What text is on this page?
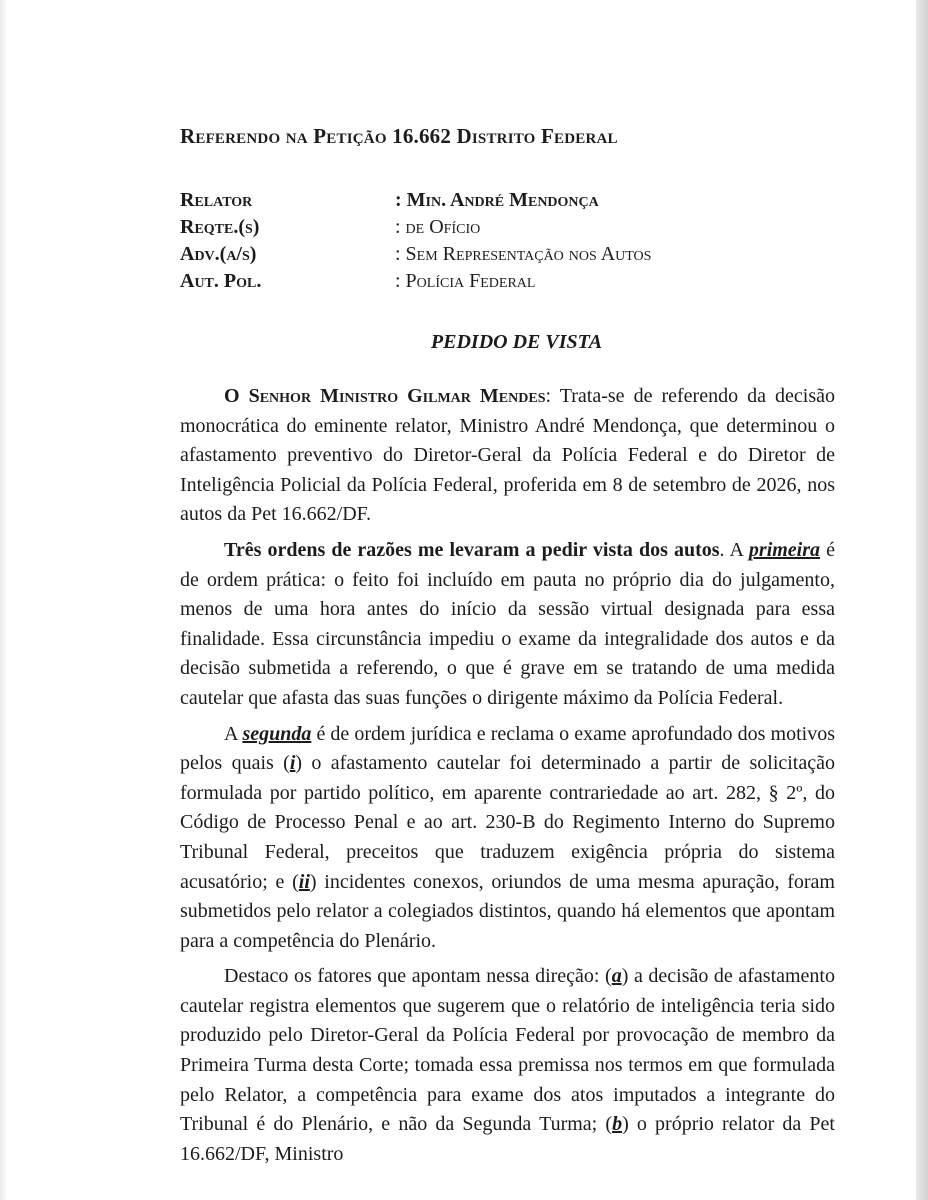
Referendo na Petição 16.662 Distrito Federal
Relator	: Min. André Mendonça
Reqte.(s)	: de Ofício
Adv.(a/s)	: Sem Representação nos Autos
Aut. Pol.	: Polícia Federal
PEDIDO DE VISTA

O Senhor Ministro Gilmar Mendes: Trata-se de referendo da decisão monocrática do eminente relator, Ministro André Mendonça, que determinou o afastamento preventivo do Diretor-Geral da Polícia Federal e do Diretor de Inteligência Policial da Polícia Federal, proferida em 8 de setembro de 2026, nos autos da Pet 16.662/DF.

Três ordens de razões me levaram a pedir vista dos autos. A primeira é de ordem prática: o feito foi incluído em pauta no próprio dia do julgamento, menos de uma hora antes do início da sessão virtual designada para essa finalidade. Essa circunstância impediu o exame da integralidade dos autos e da decisão submetida a referendo, o que é grave em se tratando de uma medida cautelar que afasta das suas funções o dirigente máximo da Polícia Federal.

A segunda é de ordem jurídica e reclama o exame aprofundado dos motivos pelos quais (i) o afastamento cautelar foi determinado a partir de solicitação formulada por partido político, em aparente contrariedade ao art. 282, § 2º, do Código de Processo Penal e ao art. 230-B do Regimento Interno do Supremo Tribunal Federal, preceitos que traduzem exigência própria do sistema acusatório; e (ii) incidentes conexos, oriundos de uma mesma apuração, foram submetidos pelo relator a colegiados distintos, quando há elementos que apontam para a competência do Plenário.

Destaco os fatores que apontam nessa direção: (a) a decisão de afastamento cautelar registra elementos que sugerem que o relatório de inteligência teria sido produzido pelo Diretor-Geral da Polícia Federal por provocação de membro da Primeira Turma desta Corte; tomada essa premissa nos termos em que formulada pelo Relator, a competência para exame dos atos imputados a integrante do Tribunal é do Plenário, e não da Segunda Turma; (b) o próprio relator da Pet 16.662/DF, Ministro
